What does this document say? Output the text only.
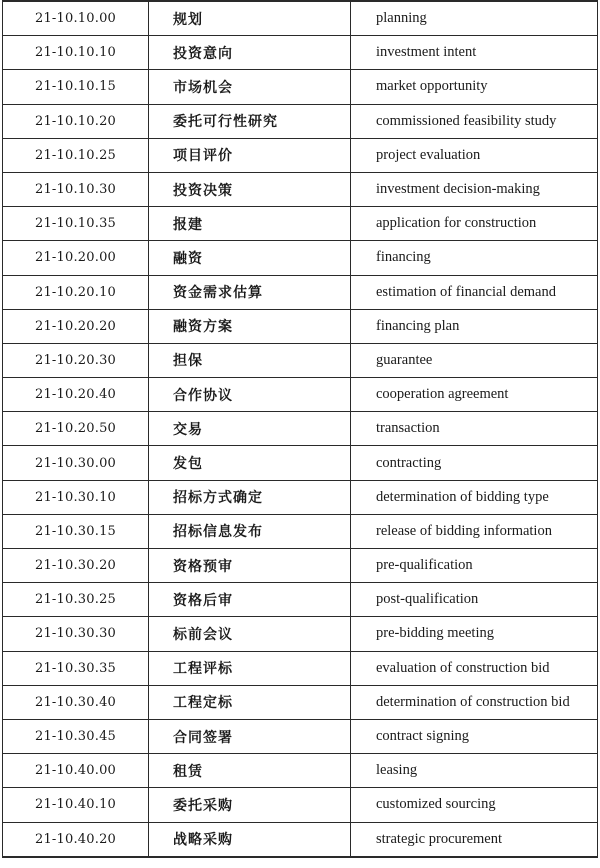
21-10.10.00	规划	planning
21-10.10.10	投资意向	investment intent
21-10.10.15	市场机会	market opportunity
21-10.10.20	委托可行性研究	commissioned feasibility study
21-10.10.25	项目评价	project evaluation
21-10.10.30	投资决策	investment decision-making
21-10.10.35	报建	application for construction
21-10.20.00	融资	financing
21-10.20.10	资金需求估算	estimation of financial demand
21-10.20.20	融资方案	financing plan
21-10.20.30	担保	guarantee
21-10.20.40	合作协议	cooperation agreement
21-10.20.50	交易	transaction
21-10.30.00	发包	contracting
21-10.30.10	招标方式确定	determination of bidding type
21-10.30.15	招标信息发布	release of bidding information
21-10.30.20	资格预审	pre-qualification
21-10.30.25	资格后审	post-qualification
21-10.30.30	标前会议	pre-bidding meeting
21-10.30.35	工程评标	evaluation of construction bid
21-10.30.40	工程定标	determination of construction bid
21-10.30.45	合同签署	contract signing
21-10.40.00	租赁	leasing
21-10.40.10	委托采购	customized sourcing
21-10.40.20	战略采购	strategic procurement
